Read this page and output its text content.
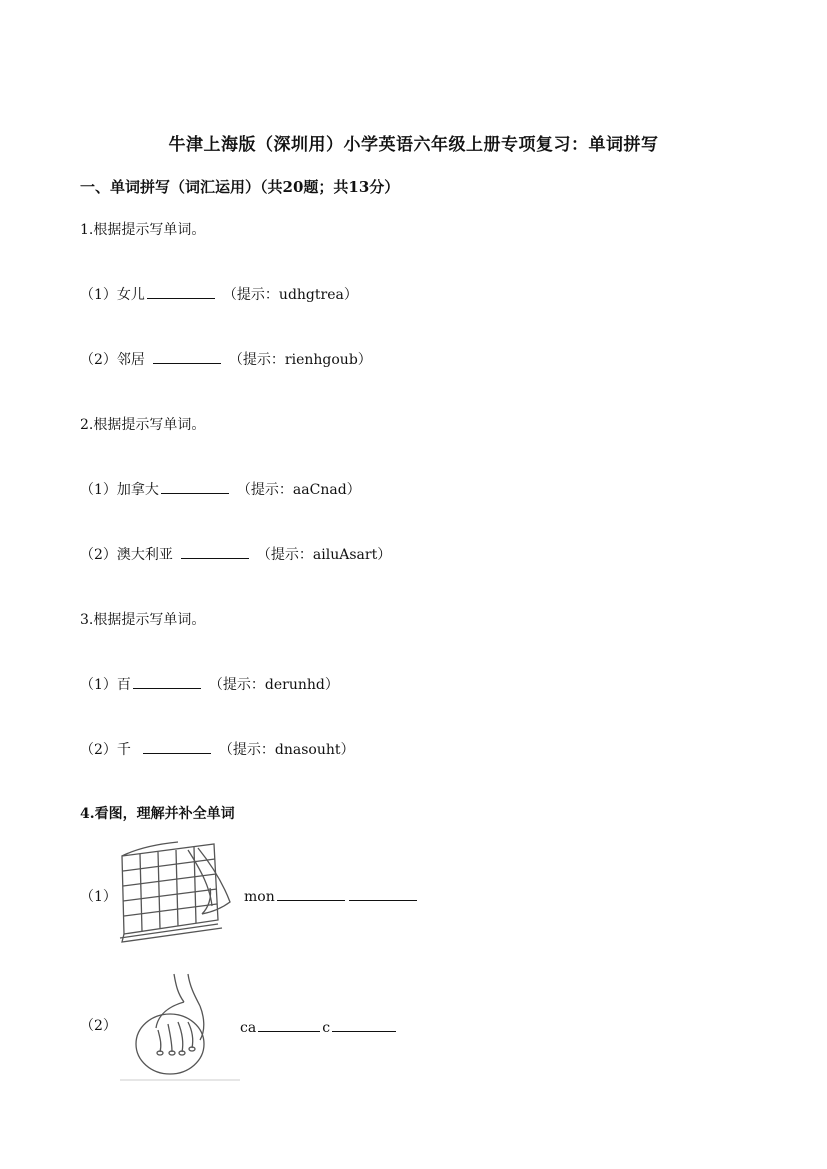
牛津上海版（深圳用）小学英语六年级上册专项复习：单词拼写
一、单词拼写（词汇运用）（共20题；共13分）
1.根据提示写单词。
（1）女儿	（提示：udhgtrea）
（2）邻居	（提示：rienhgoub）
2.根据提示写单词。
（1）加拿大	（提示：aaCnad）
（2）澳大利亚	（提示：ailuAsart）
3.根据提示写单词。
（1）百	（提示：derunhd）
（2）千	（提示：dnasouht）
4.看图，理解并补全单词
（1）	mon
（2）	ca	c
